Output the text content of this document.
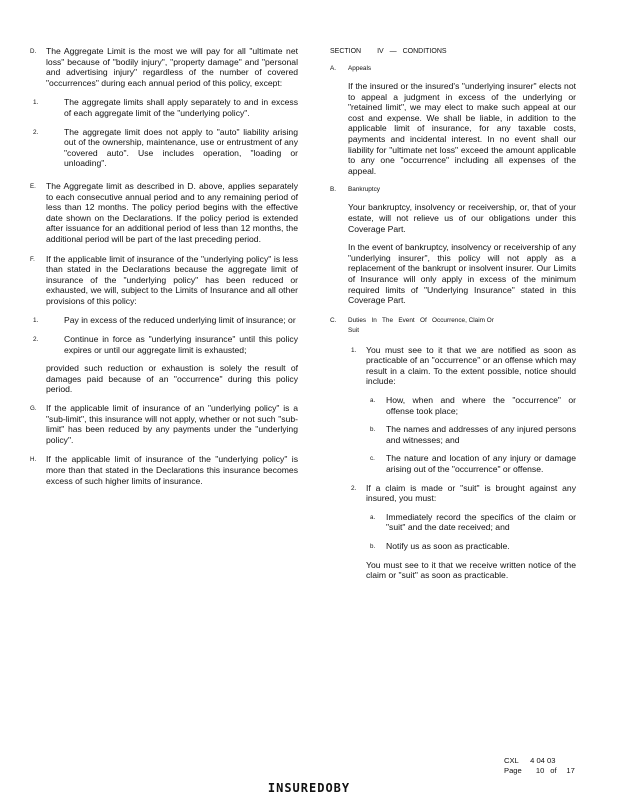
D. The Aggregate Limit is the most we will pay for all "ultimate net loss" because of "bodily injury", "property damage" and "personal and advertising injury" regardless of the number of covered "occurrences" during each annual period of this policy, except:
1.	The aggregate limits shall apply separately to and in excess of each aggregate limit of the "underlying policy".
2.	The aggregate limit does not apply to "auto" liability arising out of the ownership, maintenance, use or entrustment of any "covered auto". Use includes operation, "loading or unloading".
E. The Aggregate limit as described in D. above, applies separately to each consecutive annual period and to any remaining period of less than 12 months. The policy period begins with the effective date shown on the Declarations. If the policy period is extended after issuance for an additional period of less than 12 months, the additional period will be part of the last preceding period.
F. If the applicable limit of insurance of the "underlying policy" is less than stated in the Declarations because the aggregate limit of insurance of the "underlying policy" has been reduced or exhausted, we will, subject to the Limits of Insurance and all other provisions of this policy:
1.	Pay in excess of the reduced underlying limit of insurance; or
2.	Continue in force as "underlying insurance" until this policy expires or until our aggregate limit is exhausted;
provided such reduction or exhaustion is solely the result of damages paid because of an "occurrence" during this policy period.
G. If the applicable limit of insurance of an "underlying policy" is a "sub-limit", this insurance will not apply, whether or not such "sub-limit" has been reduced by any payments under the "underlying policy".
H. If the applicable limit of insurance of the "underlying policy" is more than that stated in the Declarations this insurance becomes excess of such higher limits of insurance.
SECTION IV — CONDITIONS
A. Appeals
If the insured or the insured's "underlying insurer" elects not to appeal a judgment in excess of the underlying or "retained limit", we may elect to make such appeal at our cost and expense. We shall be liable, in addition to the applicable limit of insurance, for any taxable costs, payments and incidental interest. In no event shall our liability for "ultimate net loss" exceed the amount applicable to any one "occurrence" including all expenses of the appeal.
B. Bankruptcy
Your bankruptcy, insolvency or receivership, or, that of your estate, will not relieve us of our obligations under this Coverage Part.
In the event of bankruptcy, insolvency or receivership of any "underlying insurer", this policy will not apply as a replacement of the bankrupt or insolvent insurer. Our Limits of Insurance will only apply in excess of the minimum required limits of "Underlying Insurance" stated in this Coverage Part.
C. Duties   In   The   Event   Of   Occurrence, Claim Or
Suit
1. You must see to it that we are notified as soon as practicable of an "occurrence" or an offense which may result in a claim. To the extent possible, notice should include:
a. How, when and where the "occurrence" or offense took place;
b. The names and addresses of any injured persons and witnesses; and
c. The nature and location of any injury or damage arising out of the "occurrence" or offense.
2. If a claim is made or "suit" is brought against any insured, you must:
a. Immediately record the specifics of the claim or "suit" and the date received; and
b. Notify us as soon as practicable.
You must see to it that we receive written notice of the claim or "suit" as soon as practicable.
CXL 4 04 03
Page 10 of 17
INSUREDOBY
